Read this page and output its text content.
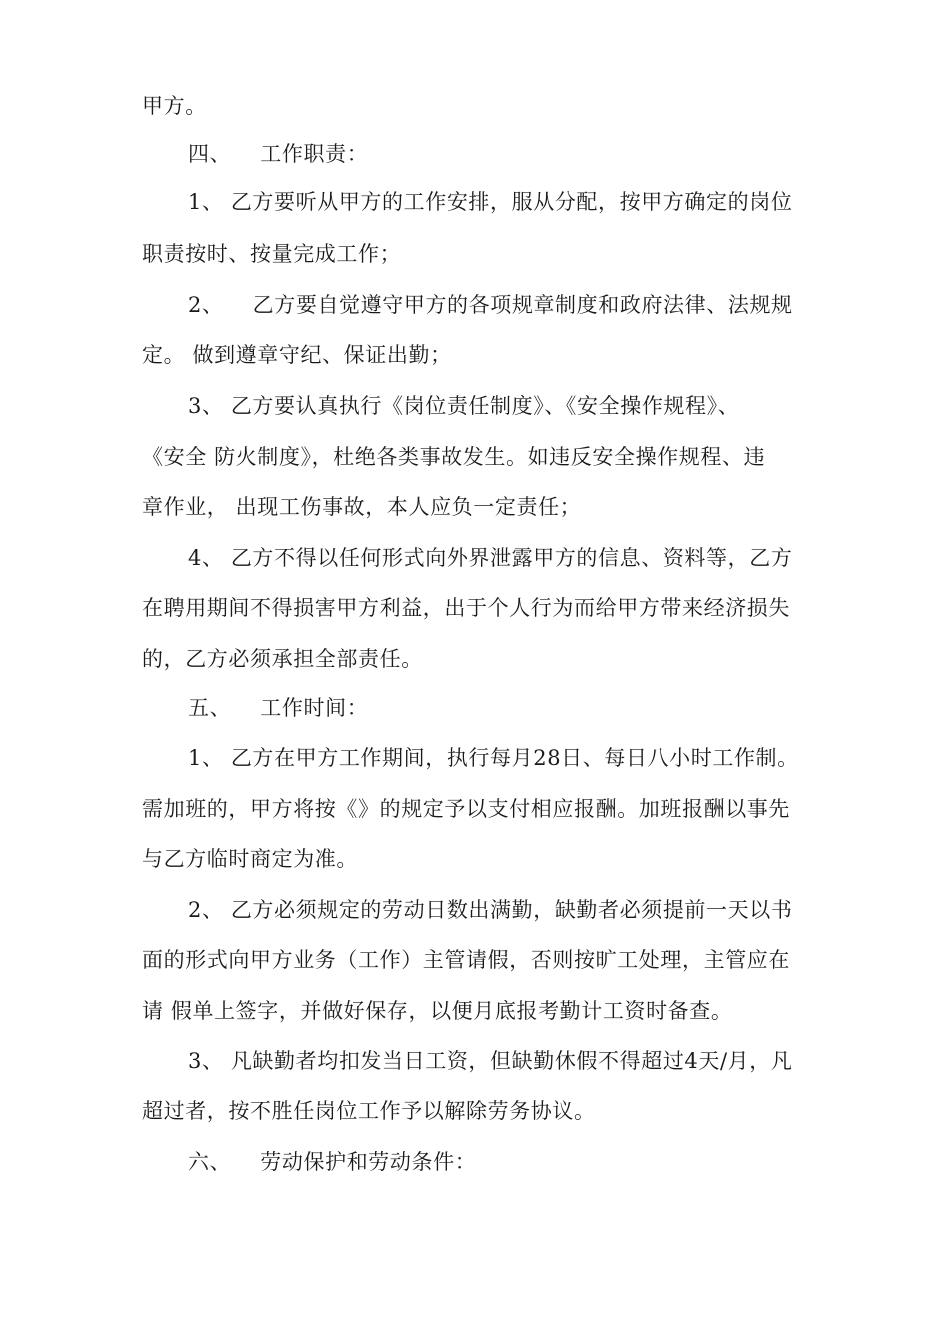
甲方。
四、    工作职责：
1、 乙方要听从甲方的工作安排，服从分配，按甲方确定的岗位
职责按时、按量完成工作；
2、    乙方要自觉遵守甲方的各项规章制度和政府法律、法规规
定。 做到遵章守纪、保证出勤；
3、 乙方要认真执行《岗位责任制度》、《安全操作规程》、
《安全 防火制度》，杜绝各类事故发生。如违反安全操作规程、违
章作业， 出现工伤事故，本人应负一定责任；
4、 乙方不得以任何形式向外界泄露甲方的信息、资料等，乙方
在聘用期间不得损害甲方利益，出于个人行为而给甲方带来经济损失
的，乙方必须承担全部责任。
五、    工作时间：
1、 乙方在甲方工作期间，执行每月28日、每日八小时工作制。
需加班的，甲方将按《》的规定予以支付相应报酬。加班报酬以事先
与乙方临时商定为准。
2、 乙方必须规定的劳动日数出满勤，缺勤者必须提前一天以书
面的形式向甲方业务（工作）主管请假，否则按旷工处理，主管应在
请 假单上签字，并做好保存，以便月底报考勤计工资时备查。
3、 凡缺勤者均扣发当日工资，但缺勤休假不得超过4天/月，凡
超过者，按不胜任岗位工作予以解除劳务协议。
六、    劳动保护和劳动条件：
